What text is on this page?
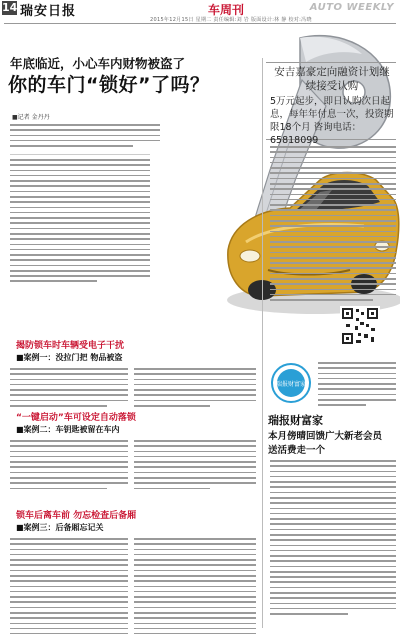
14 瑞安日报	车周刊	AUTO WEEKLY
2015年12月15日 星期二 责任编辑:刘 岩 版面设计:林 静 校对:冯晓
年底临近，小心车内财物被盗了
你的车门“锁好”了吗？
■记者 金丹丹
揭防锁车时车辆受电子干扰
■案例一：没拉门把 物品被盗
“一键启动”车可设定自动落锁
■案例二：车钥匙被留在车内
锁车后离车前 勿忘检查后备厢
■案例三：后备厢忘记关
安吉嘉豪定向融资计划继续接受认购
5万元起步，即日认购次日起息，每年年付息一次，投资期限18个月 咨询电话：65818099
瑞报财富家
瑞报财富家
本月傍晴回馈广大新老会员
送活费走一个
